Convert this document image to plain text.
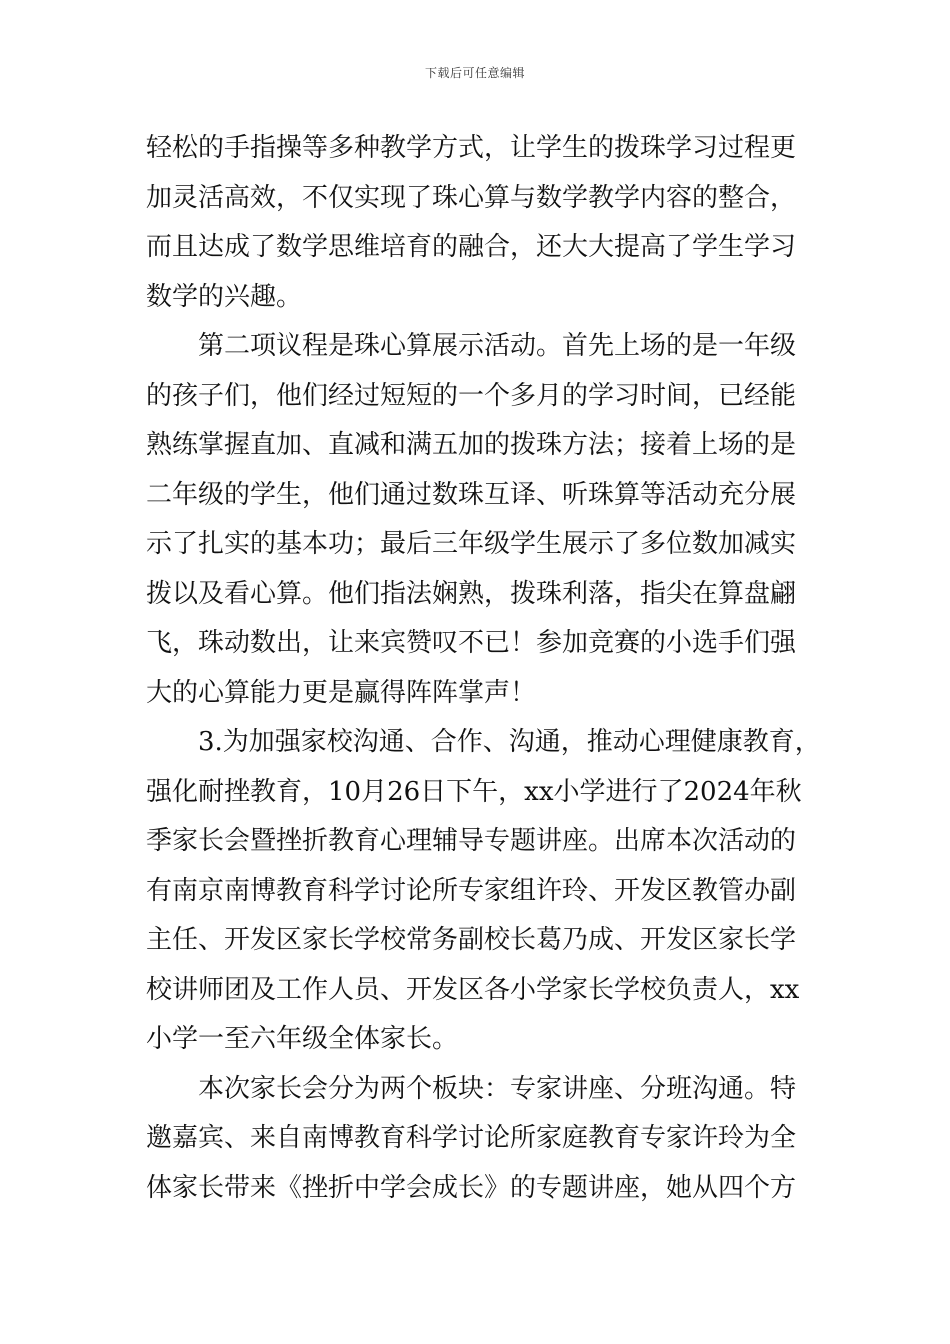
下载后可任意编辑
轻松的手指操等多种教学方式，让学生的拨珠学习过程更
加灵活高效，不仅实现了珠心算与数学教学内容的整合，
而且达成了数学思维培育的融合，还大大提高了学生学习
数学的兴趣。
　　第二项议程是珠心算展示活动。首先上场的是一年级
的孩子们，他们经过短短的一个多月的学习时间，已经能
熟练掌握直加、直减和满五加的拨珠方法；接着上场的是
二年级的学生，他们通过数珠互译、听珠算等活动充分展
示了扎实的基本功；最后三年级学生展示了多位数加减实
拨以及看心算。他们指法娴熟，拨珠利落，指尖在算盘翩
飞，珠动数出，让来宾赞叹不已！参加竞赛的小选手们强
大的心算能力更是赢得阵阵掌声！
　　3.为加强家校沟通、合作、沟通，推动心理健康教育，
强化耐挫教育，10月26日下午，xx小学进行了2024年秋
季家长会暨挫折教育心理辅导专题讲座。出席本次活动的
有南京南博教育科学讨论所专家组许玲、开发区教管办副
主任、开发区家长学校常务副校长葛乃成、开发区家长学
校讲师团及工作人员、开发区各小学家长学校负责人，xx
小学一至六年级全体家长。
　　本次家长会分为两个板块：专家讲座、分班沟通。特
邀嘉宾、来自南博教育科学讨论所家庭教育专家许玲为全
体家长带来《挫折中学会成长》的专题讲座，她从四个方
